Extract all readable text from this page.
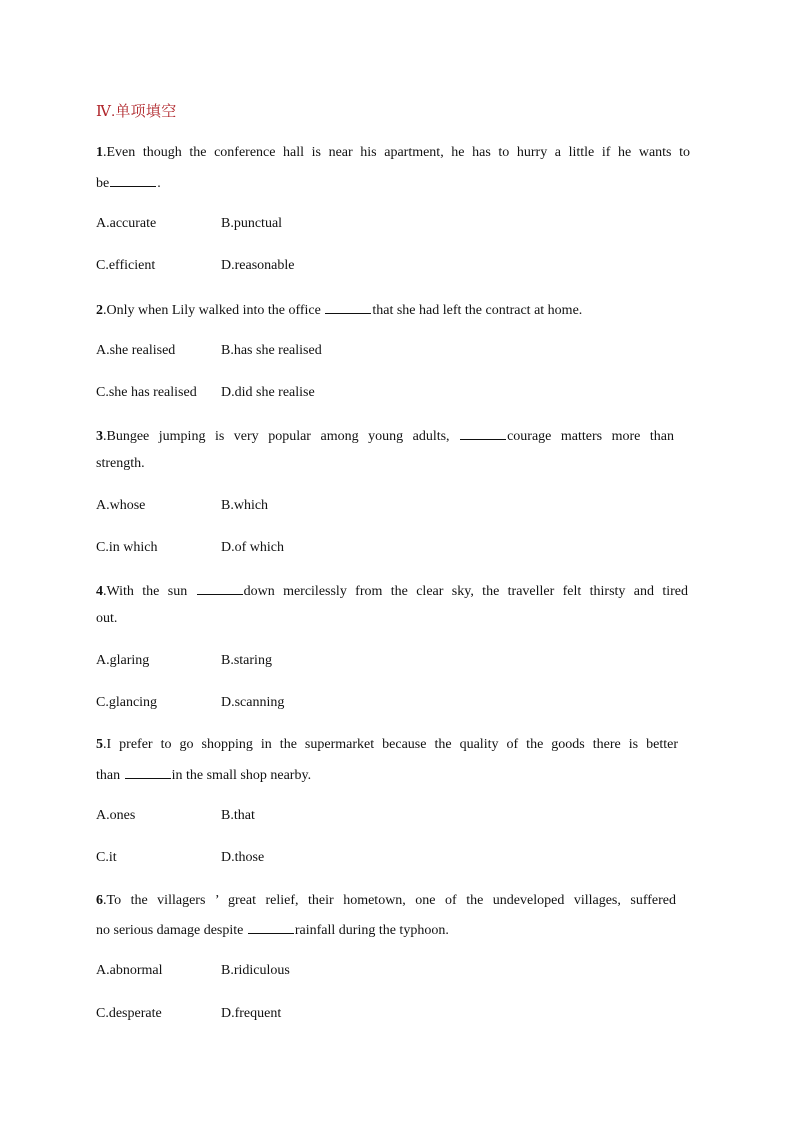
Ⅳ.单项填空
1.Even though the conference hall is near his apartment, he has to hurry a little if he wants to
be	.
A.accurate	B.punctual
C.efficient	D.reasonable
2.Only when Lily walked into the office	that she had left the contract at home.
A.she realised	B.has she realised
C.she has realised D.did she realise
3.Bungee jumping is very popular among young adults,	courage matters more than
strength.
A.whose	B.which
C.in which	D.of which
4.With the sun	down mercilessly from the clear sky, the traveller felt thirsty and tired
out.
A.glaring	B.staring
C.glancing	D.scanning
5.I prefer to go shopping in the supermarket because the quality of the goods there is better
than	in the small shop nearby.
A.ones	B.that
C.it	D.those
6.To the villagers ’ great relief, their hometown, one of the undeveloped villages, suffered
no serious damage despite	rainfall during the typhoon.
A.abnormal	B.ridiculous
C.desperate	D.frequent
